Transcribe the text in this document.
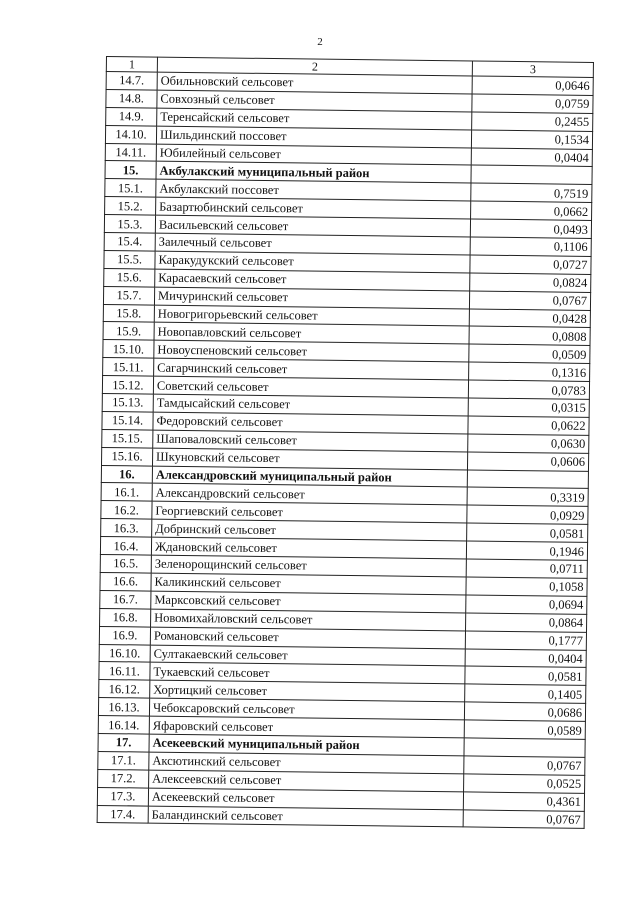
2
1	2	3
14.7.	Обильновский сельсовет	0,0646
14.8.	Совхозный сельсовет	0,0759
14.9.	Теренсайский сельсовет	0,2455
14.10.	Шильдинский поссовет	0,1534
14.11.	Юбилейный сельсовет	0,0404
15.	Акбулакский муниципальный район	
15.1.	Акбулакский поссовет	0,7519
15.2.	Базартюбинский сельсовет	0,0662
15.3.	Васильевский сельсовет	0,0493
15.4.	Заилечный сельсовет	0,1106
15.5.	Каракудукский сельсовет	0,0727
15.6.	Карасаевский сельсовет	0,0824
15.7.	Мичуринский сельсовет	0,0767
15.8.	Новогригорьевский сельсовет	0,0428
15.9.	Новопавловский сельсовет	0,0808
15.10.	Новоуспеновский сельсовет	0,0509
15.11.	Сагарчинский сельсовет	0,1316
15.12.	Советский сельсовет	0,0783
15.13.	Тамдысайский сельсовет	0,0315
15.14.	Федоровский сельсовет	0,0622
15.15.	Шаповаловский сельсовет	0,0630
15.16.	Шкуновский сельсовет	0,0606
16.	Александровский муниципальный район	
16.1.	Александровский сельсовет	0,3319
16.2.	Георгиевский сельсовет	0,0929
16.3.	Добринский сельсовет	0,0581
16.4.	Ждановский сельсовет	0,1946
16.5.	Зеленорощинский сельсовет	0,0711
16.6.	Каликинский сельсовет	0,1058
16.7.	Марксовский сельсовет	0,0694
16.8.	Новомихайловский сельсовет	0,0864
16.9.	Романовский сельсовет	0,1777
16.10.	Султакаевский сельсовет	0,0404
16.11.	Тукаевский сельсовет	0,0581
16.12.	Хортицкий сельсовет	0,1405
16.13.	Чебоксаровский сельсовет	0,0686
16.14.	Яфаровский сельсовет	0,0589
17.	Асекеевский муниципальный район	
17.1.	Аксютинский сельсовет	0,0767
17.2.	Алексеевский сельсовет	0,0525
17.3.	Асекеевский сельсовет	0,4361
17.4.	Баландинский сельсовет	0,0767
